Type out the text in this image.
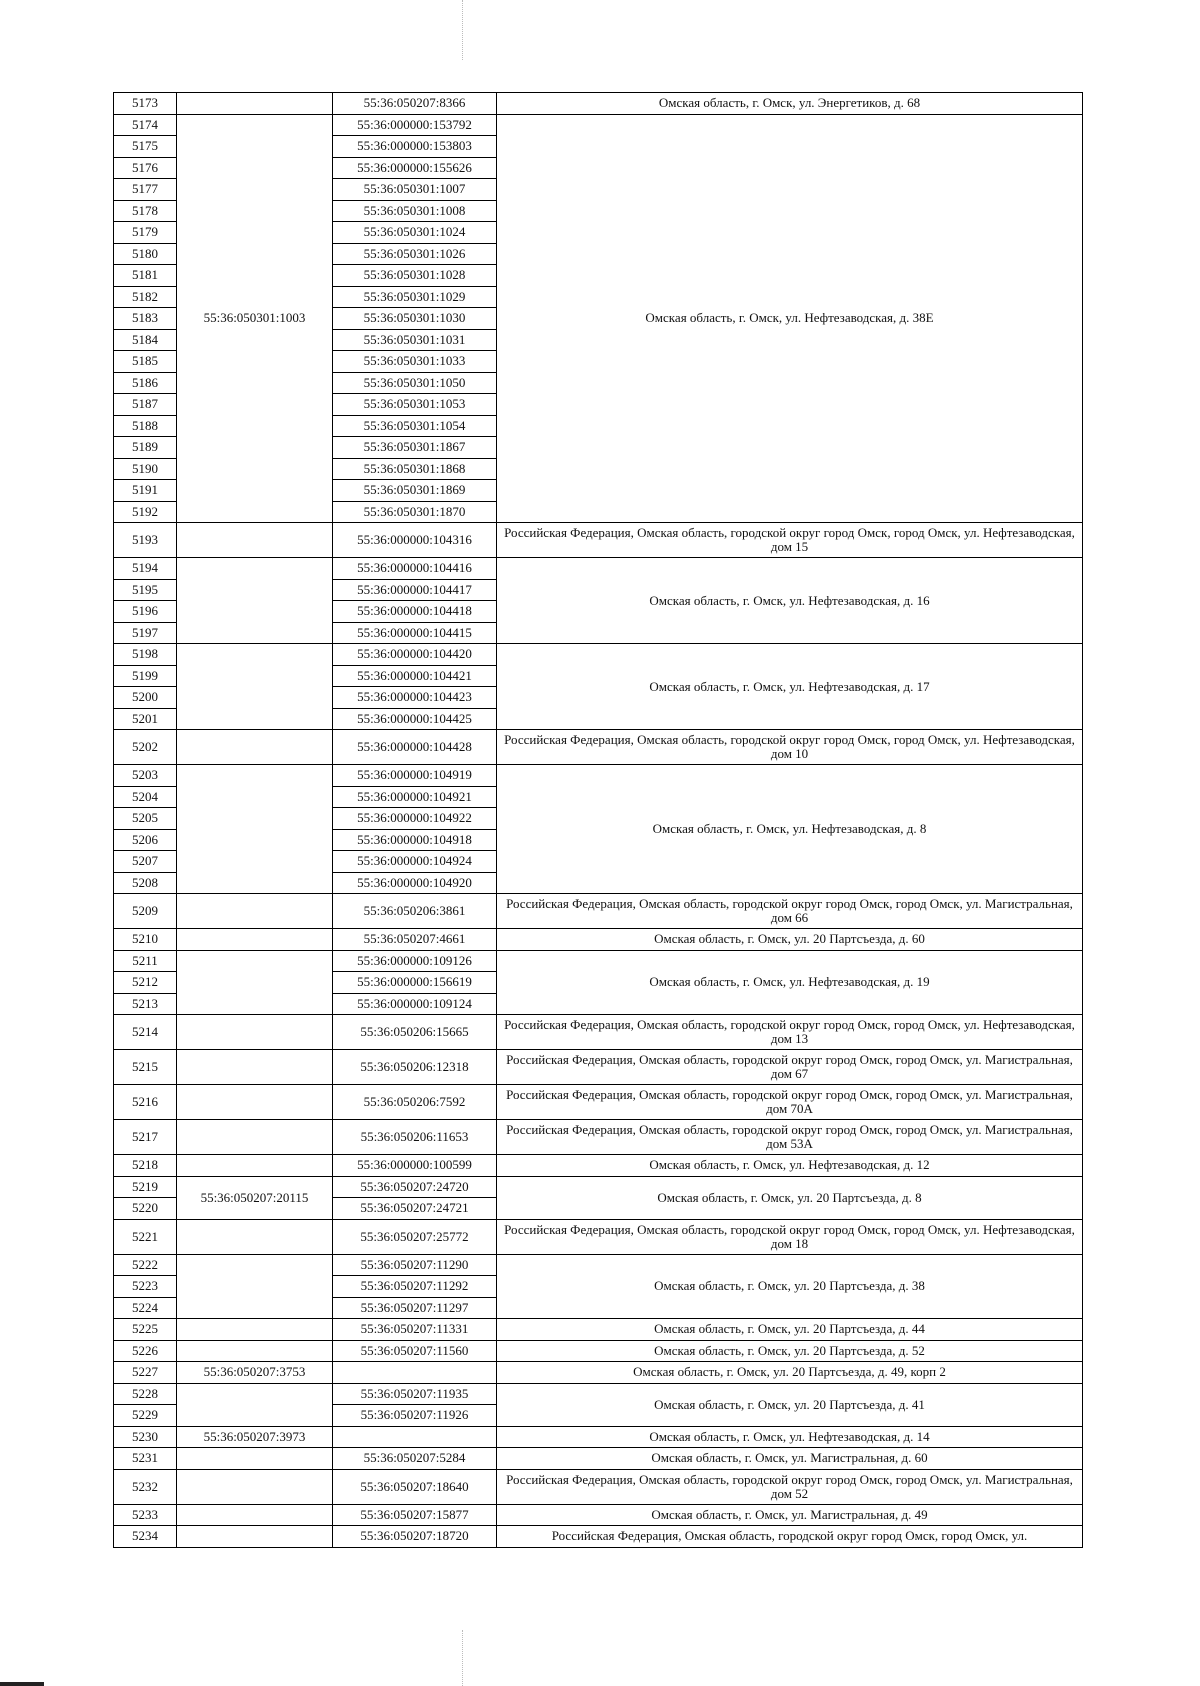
5173		55:36:050207:8366	Омская область, г. Омск, ул. Энергетиков, д. 68
5174	55:36:050301:1003	55:36:000000:153792	Омская область, г. Омск, ул. Нефтезаводская, д. 38Е
5175		55:36:000000:153803	
5176		55:36:000000:155626	
5177		55:36:050301:1007	
5178		55:36:050301:1008	
5179		55:36:050301:1024	
5180		55:36:050301:1026	
5181		55:36:050301:1028	
5182		55:36:050301:1029	
5183		55:36:050301:1030	
5184		55:36:050301:1031	
5185		55:36:050301:1033	
5186		55:36:050301:1050	
5187		55:36:050301:1053	
5188		55:36:050301:1054	
5189		55:36:050301:1867	
5190		55:36:050301:1868	
5191		55:36:050301:1869	
5192		55:36:050301:1870	
5193		55:36:000000:104316	Российская Федерация, Омская область, городской округ город Омск, город Омск, ул. Нефтезаводская, дом 15
5194		55:36:000000:104416	Омская область, г. Омск, ул. Нефтезаводская, д. 16
5195		55:36:000000:104417	
5196		55:36:000000:104418	
5197		55:36:000000:104415	
5198		55:36:000000:104420	Омская область, г. Омск, ул. Нефтезаводская, д. 17
5199		55:36:000000:104421	
5200		55:36:000000:104423	
5201		55:36:000000:104425	
5202		55:36:000000:104428	Российская Федерация, Омская область, городской округ город Омск, город Омск, ул. Нефтезаводская, дом 10
5203		55:36:000000:104919	Омская область, г. Омск, ул. Нефтезаводская, д. 8
5204		55:36:000000:104921	
5205		55:36:000000:104922	
5206		55:36:000000:104918	
5207		55:36:000000:104924	
5208		55:36:000000:104920	
5209		55:36:050206:3861	Российская Федерация, Омская область, городской округ город Омск, город Омск, ул. Магистральная, дом 66
5210		55:36:050207:4661	Омская область, г. Омск, ул. 20 Партсъезда, д. 60
5211		55:36:000000:109126	Омская область, г. Омск, ул. Нефтезаводская, д. 19
5212		55:36:000000:156619	
5213		55:36:000000:109124	
5214		55:36:050206:15665	Российская Федерация, Омская область, городской округ город Омск, город Омск, ул. Нефтезаводская, дом 13
5215		55:36:050206:12318	Российская Федерация, Омская область, городской округ город Омск, город Омск, ул. Магистральная, дом 67
5216		55:36:050206:7592	Российская Федерация, Омская область, городской округ город Омск, город Омск, ул. Магистральная, дом 70А
5217		55:36:050206:11653	Российская Федерация, Омская область, городской округ город Омск, город Омск, ул. Магистральная, дом 53А
5218		55:36:000000:100599	Омская область, г. Омск, ул. Нефтезаводская, д. 12
5219	55:36:050207:20115	55:36:050207:24720	Омская область, г. Омск, ул. 20 Партсъезда, д. 8
5220		55:36:050207:24721	
5221		55:36:050207:25772	Российская Федерация, Омская область, городской округ город Омск, город Омск, ул. Нефтезаводская, дом 18
5222		55:36:050207:11290	Омская область, г. Омск, ул. 20 Партсъезда, д. 38
5223		55:36:050207:11292	
5224		55:36:050207:11297	
5225		55:36:050207:11331	Омская область, г. Омск, ул. 20 Партсъезда, д. 44
5226		55:36:050207:11560	Омская область, г. Омск, ул. 20 Партсъезда, д. 52
5227	55:36:050207:3753		Омская область, г. Омск, ул. 20 Партсъезда, д. 49, корп 2
5228		55:36:050207:11935	Омская область, г. Омск, ул. 20 Партсъезда, д. 41
5229		55:36:050207:11926	
5230	55:36:050207:3973		Омская область, г. Омск, ул. Нефтезаводская, д. 14
5231		55:36:050207:5284	Омская область, г. Омск, ул. Магистральная, д. 60
5232		55:36:050207:18640	Российская Федерация, Омская область, городской округ город Омск, город Омск, ул. Магистральная, дом 52
5233		55:36:050207:15877	Омская область, г. Омск, ул. Магистральная, д. 49
5234		55:36:050207:18720	Российская Федерация, Омская область, городской округ город Омск, город Омск, ул.
